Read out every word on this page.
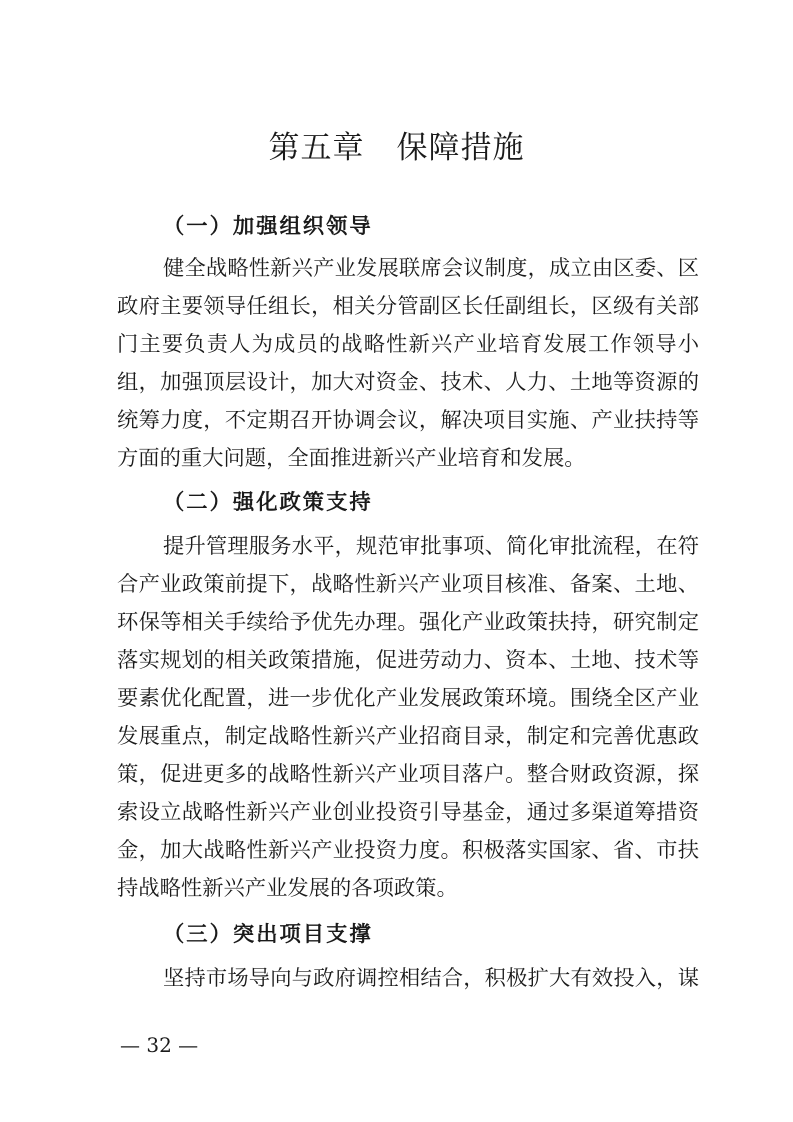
第五章　保障措施
（一）加强组织领导
健全战略性新兴产业发展联席会议制度，成立由区委、区
政府主要领导任组长，相关分管副区长任副组长，区级有关部
门主要负责人为成员的战略性新兴产业培育发展工作领导小
组，加强顶层设计，加大对资金、技术、人力、土地等资源的
统筹力度，不定期召开协调会议，解决项目实施、产业扶持等
方面的重大问题，全面推进新兴产业培育和发展。
（二）强化政策支持
提升管理服务水平，规范审批事项、简化审批流程，在符
合产业政策前提下，战略性新兴产业项目核准、备案、土地、
环保等相关手续给予优先办理。强化产业政策扶持，研究制定
落实规划的相关政策措施，促进劳动力、资本、土地、技术等
要素优化配置，进一步优化产业发展政策环境。围绕全区产业
发展重点，制定战略性新兴产业招商目录，制定和完善优惠政
策，促进更多的战略性新兴产业项目落户。整合财政资源，探
索设立战略性新兴产业创业投资引导基金，通过多渠道筹措资
金，加大战略性新兴产业投资力度。积极落实国家、省、市扶
持战略性新兴产业发展的各项政策。
（三）突出项目支撑
坚持市场导向与政府调控相结合，积极扩大有效投入，谋
— 32 —
